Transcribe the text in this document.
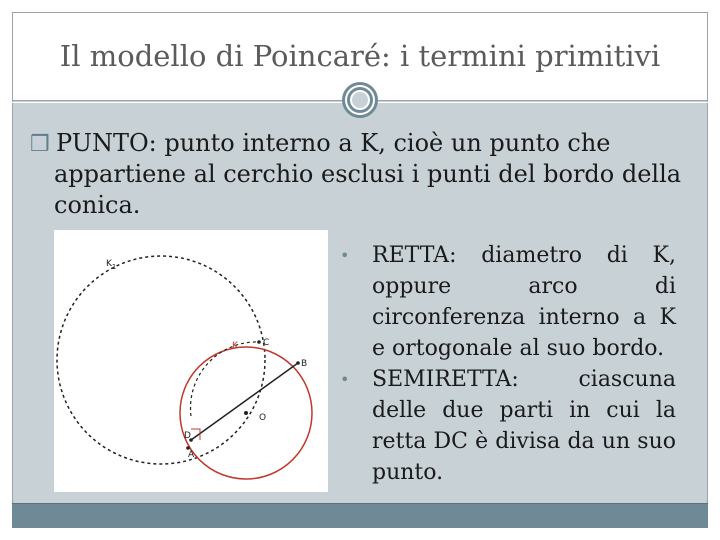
Il modello di Poincaré: i termini primitivi
❒ PUNTO: punto interno a K, cioè un punto che
appartiene al cerchio esclusi i punti del bordo della
conica.
$K_1$
K	C
B
O
D
A
• RETTA: diametro di K, oppure arco di circonferenza interno a K e ortogonale al suo bordo.
• SEMIRETTA: ciascuna delle due parti in cui la retta DC è divisa da un suo punto.
